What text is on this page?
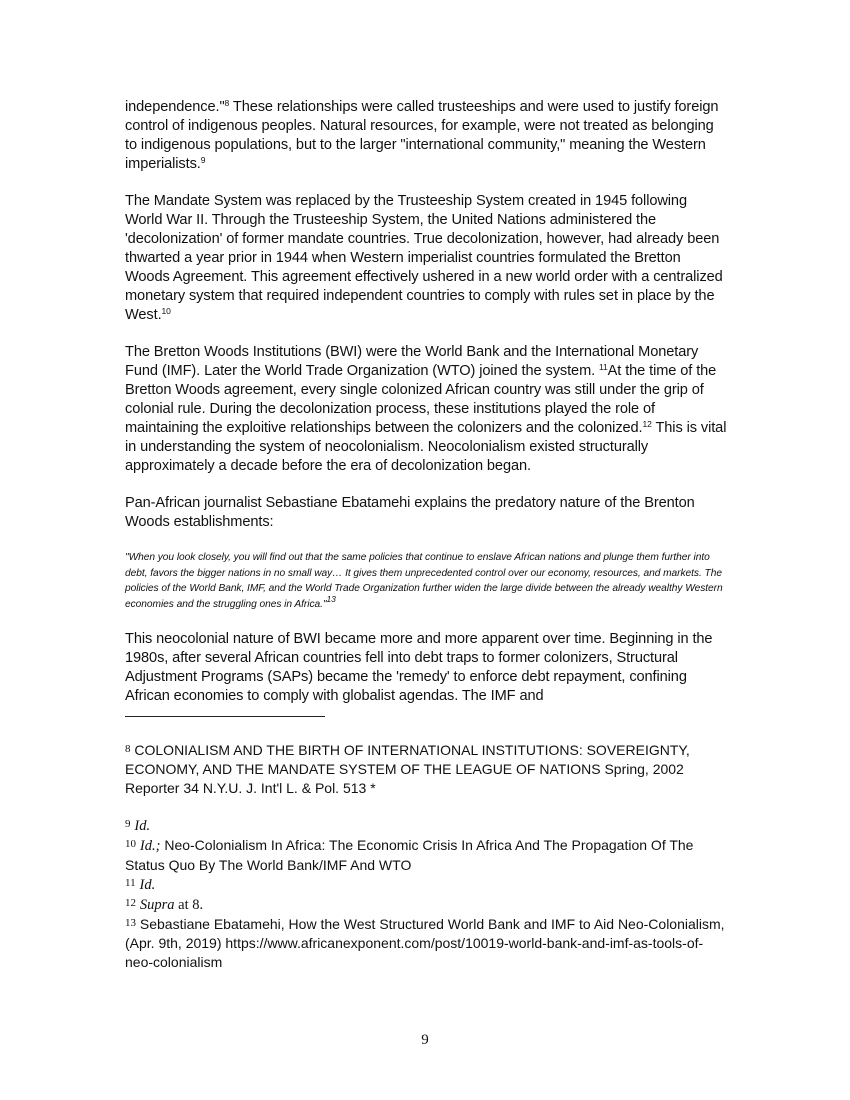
independence."$^8$ These relationships were called trusteeships and were used to justify foreign control of indigenous peoples. Natural resources, for example, were not treated as belonging to indigenous populations, but to the larger "international community," meaning the Western imperialists.$^9$

The Mandate System was replaced by the Trusteeship System created in 1945 following World War II. Through the Trusteeship System, the United Nations administered the 'decolonization' of former mandate countries. True decolonization, however, had already been thwarted a year prior in 1944 when Western imperialist countries formulated the Bretton Woods Agreement. This agreement effectively ushered in a new world order with a centralized monetary system that required independent countries to comply with rules set in place by the West.$^{10}$

The Bretton Woods Institutions (BWI) were the World Bank and the International Monetary Fund (IMF). Later the World Trade Organization (WTO) joined the system. $^{11}$At the time of the Bretton Woods agreement, every single colonized African country was still under the grip of colonial rule. During the decolonization process, these institutions played the role of maintaining the exploitive relationships between the colonizers and the colonized.$^{12}$ This is vital in understanding the system of neocolonialism. Neocolonialism existed structurally approximately a decade before the era of decolonization began.

Pan-African journalist Sebastiane Ebatamehi explains the predatory nature of the Brenton Woods establishments:

"When you look closely, you will find out that the same policies that continue to enslave African nations and plunge them further into debt, favors the bigger nations in no small way… It gives them unprecedented control over our economy, resources, and markets. The policies of the World Bank, IMF, and the World Trade Organization further widen the large divide between the already wealthy Western economies and the struggling ones in Africa."$^{13}$

This neocolonial nature of BWI became more and more apparent over time. Beginning in the 1980s, after several African countries fell into debt traps to former colonizers, Structural Adjustment Programs (SAPs) became the 'remedy' to enforce debt repayment, confining African economies to comply with globalist agendas. The IMF and

$^8$ COLONIALISM AND THE BIRTH OF INTERNATIONAL INSTITUTIONS: SOVEREIGNTY, ECONOMY, AND THE MANDATE SYSTEM OF THE LEAGUE OF NATIONS Spring, 2002 Reporter 34 N.Y.U. J. Int'l L. & Pol. 513 *

$^9$ Id.

$^{10}$ Id.; Neo-Colonialism In Africa: The Economic Crisis In Africa And The Propagation Of The Status Quo By The World Bank/IMF And WTO

$^{11}$ Id.

$^{12}$ Supra at 8.

$^{13}$ Sebastiane Ebatamehi, How the West Structured World Bank and IMF to Aid Neo-Colonialism, (Apr. 9th, 2019) https://www.africanexponent.com/post/10019-world-bank-and-imf-as-tools-of-neo-colonialism

9
